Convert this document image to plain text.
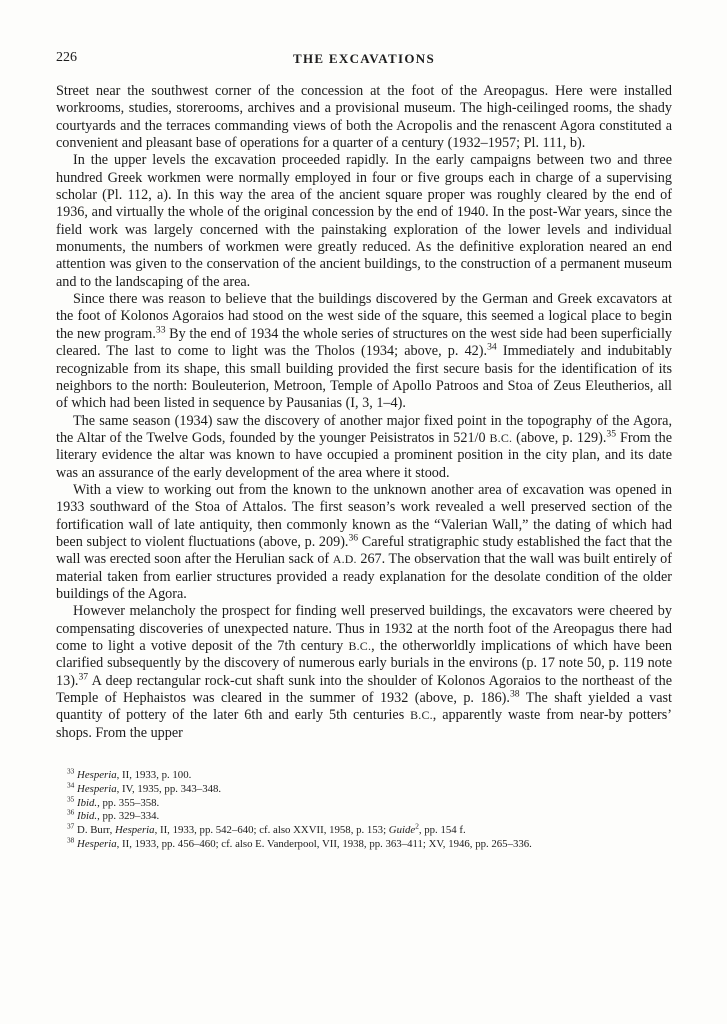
226	THE EXCAVATIONS

Street near the southwest corner of the concession at the foot of the Areopagus. Here were installed workrooms, studies, storerooms, archives and a provisional museum. The high-ceilinged rooms, the shady courtyards and the terraces commanding views of both the Acropolis and the renascent Agora constituted a convenient and pleasant base of operations for a quarter of a century (1932–1957; Pl. 111, b).

In the upper levels the excavation proceeded rapidly. In the early campaigns between two and three hundred Greek workmen were normally employed in four or five groups each in charge of a supervising scholar (Pl. 112, a). In this way the area of the ancient square proper was roughly cleared by the end of 1936, and virtually the whole of the original concession by the end of 1940. In the post-War years, since the field work was largely concerned with the painstaking exploration of the lower levels and individual monuments, the numbers of workmen were greatly reduced. As the definitive exploration neared an end attention was given to the conservation of the ancient buildings, to the construction of a permanent museum and to the landscaping of the area.

Since there was reason to believe that the buildings discovered by the German and Greek excavators at the foot of Kolonos Agoraios had stood on the west side of the square, this seemed a logical place to begin the new program.$^{33}$ By the end of 1934 the whole series of structures on the west side had been superficially cleared. The last to come to light was the Tholos (1934; above, p. 42).$^{34}$ Immediately and indubitably recognizable from its shape, this small building provided the first secure basis for the identification of its neighbors to the north: Bouleuterion, Metroon, Temple of Apollo Patroos and Stoa of Zeus Eleutherios, all of which had been listed in sequence by Pausanias (I, 3, 1–4).

The same season (1934) saw the discovery of another major fixed point in the topography of the Agora, the Altar of the Twelve Gods, founded by the younger Peisistratos in 521/0 B.C. (above, p. 129).$^{35}$ From the literary evidence the altar was known to have occupied a prominent position in the city plan, and its date was an assurance of the early development of the area where it stood.

With a view to working out from the known to the unknown another area of excavation was opened in 1933 southward of the Stoa of Attalos. The first season’s work revealed a well preserved section of the fortification wall of late antiquity, then commonly known as the “Valerian Wall,” the dating of which had been subject to violent fluctuations (above, p. 209).$^{36}$ Careful stratigraphic study established the fact that the wall was erected soon after the Herulian sack of A.D. 267. The observation that the wall was built entirely of material taken from earlier structures provided a ready explanation for the desolate condition of the older buildings of the Agora.

However melancholy the prospect for finding well preserved buildings, the excavators were cheered by compensating discoveries of unexpected nature. Thus in 1932 at the north foot of the Areopagus there had come to light a votive deposit of the 7th century B.C., the otherworldly implications of which have been clarified subsequently by the discovery of numerous early burials in the environs (p. 17 note 50, p. 119 note 13).$^{37}$ A deep rectangular rock-cut shaft sunk into the shoulder of Kolonos Agoraios to the northeast of the Temple of Hephaistos was cleared in the summer of 1932 (above, p. 186).$^{38}$ The shaft yielded a vast quantity of pottery of the later 6th and early 5th centuries B.C., apparently waste from near-by potters’ shops. From the upper

$^{33}$ Hesperia, II, 1933, p. 100.
$^{34}$ Hesperia, IV, 1935, pp. 343–348.
$^{35}$ Ibid., pp. 355–358.
$^{36}$ Ibid., pp. 329–334.
$^{37}$ D. Burr, Hesperia, II, 1933, pp. 542–640; cf. also XXVII, 1958, p. 153; Guide$^2$, pp. 154 f.
$^{38}$ Hesperia, II, 1933, pp. 456–460; cf. also E. Vanderpool, VII, 1938, pp. 363–411; XV, 1946, pp. 265–336.
